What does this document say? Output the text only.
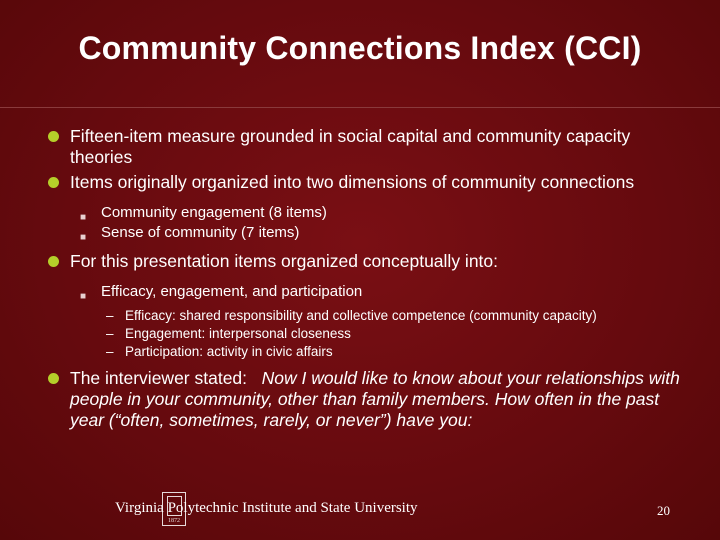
Community Connections Index (CCI)
Fifteen-item measure grounded in social capital and community capacity theories
Items originally organized into two dimensions of community connections
■ Community engagement (8 items)
■ Sense of community (7 items)
For this presentation items organized conceptually into:
■ Efficacy, engagement, and participation
– Efficacy: shared responsibility and collective competence (community capacity)
– Engagement: interpersonal closeness
– Participation: activity in civic affairs
The interviewer stated:   Now I would like to know about your relationships with people in your community, other than family members. How often in the past year (“often, sometimes, rarely, or never”) have you:
Virginia Polytechnic Institute and State University
1872
20
